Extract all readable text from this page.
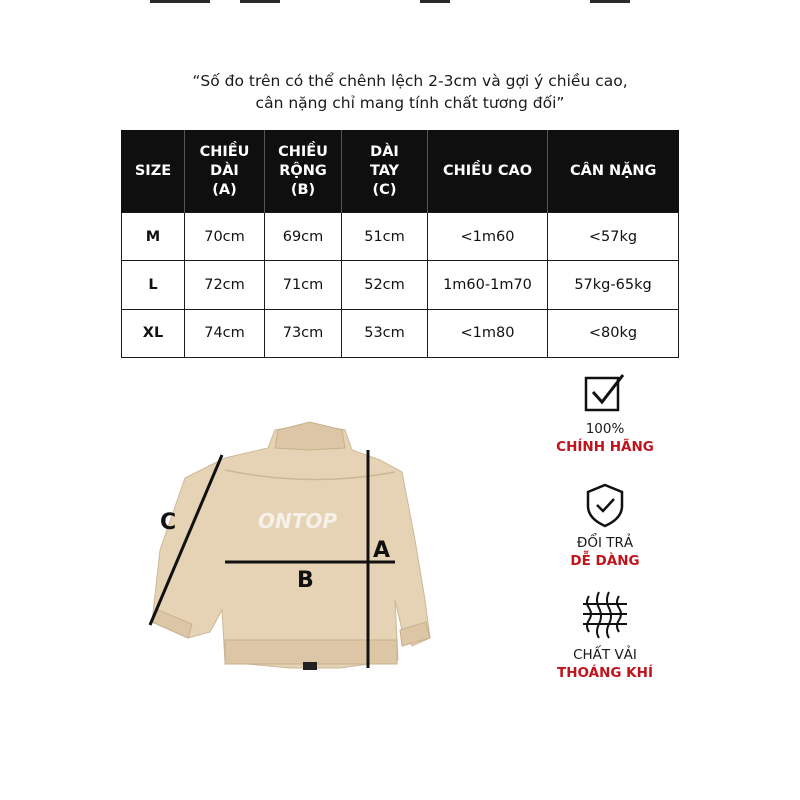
“Số đo trên có thể chênh lệch 2-3cm và gợi ý chiều cao,
cân nặng chỉ mang tính chất tương đối”
SIZE	CHIỀU
DÀI
(A)	CHIỀU
RỘNG
(B)	DÀI
TAY
(C)	CHIỀU CAO	CÂN NẶNG

M	70cm	69cm	51cm	<1m60	<57kg
L	72cm	71cm	52cm	1m60-1m70	57kg-65kg
XL	74cm	73cm	53cm	<1m80	<80kg
ONTOP
C
A
B
100%
CHÍNH HÃNG
ĐỔI TRẢ
DỄ DÀNG
CHẤT VẢI
THOÁNG KHÍ
